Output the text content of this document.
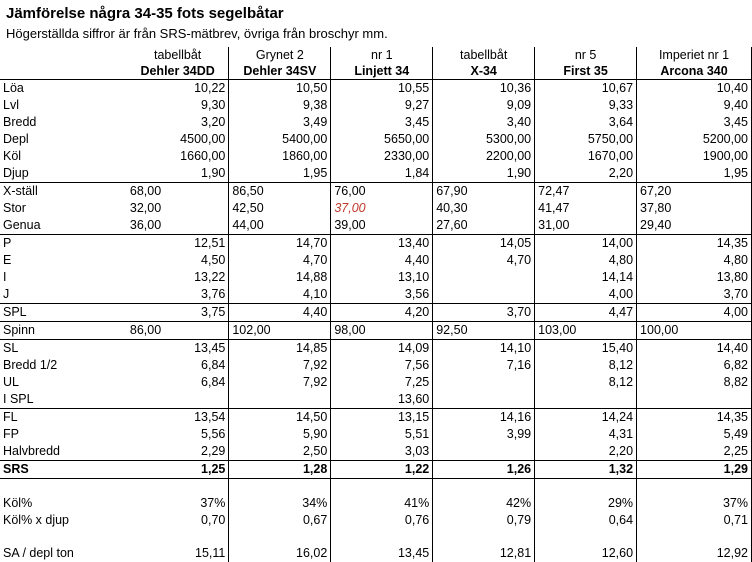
Jämförelse några 34-35 fots segelbåtar
Högerställda siffror är från SRS-mätbrev, övriga från broschyr mm.
	tabellbåt	Grynet 2	nr 1	tabellbåt	nr 5	Imperiet nr 1
	Dehler 34DD	Dehler 34SV	Linjett 34	X-34	First 35	Arcona 340
Löa	10,22	10,50	10,55	10,36	10,67	10,40
Lvl	9,30	9,38	9,27	9,09	9,33	9,40
Bredd	3,20	3,49	3,45	3,40	3,64	3,45
Depl	4500,00	5400,00	5650,00	5300,00	5750,00	5200,00
Köl	1660,00	1860,00	2330,00	2200,00	1670,00	1900,00
Djup	1,90	1,95	1,84	1,90	2,20	1,95
X-ställ	68,00	86,50	76,00	67,90	72,47	67,20
Stor	32,00	42,50	37,00	40,30	41,47	37,80
Genua	36,00	44,00	39,00	27,60	31,00	29,40
P	12,51	14,70	13,40	14,05	14,00	14,35
E	4,50	4,70	4,40	4,70	4,80	4,80
I	13,22	14,88	13,10		14,14	13,80
J	3,76	4,10	3,56		4,00	3,70
SPL	3,75	4,40	4,20	3,70	4,47	4,00
Spinn	86,00	102,00	98,00	92,50	103,00	100,00
SL	13,45	14,85	14,09	14,10	15,40	14,40
Bredd 1/2	6,84	7,92	7,56	7,16	8,12	6,82
UL	6,84	7,92	7,25		8,12	8,82
I SPL			13,60			
FL	13,54	14,50	13,15	14,16	14,24	14,35
FP	5,56	5,90	5,51	3,99	4,31	5,49
Halvbredd	2,29	2,50	3,03		2,20	2,25
SRS	1,25	1,28	1,22	1,26	1,32	1,29

Köl%	37%	34%	41%	42%	29%	37%
Köl% x djup	0,70	0,67	0,76	0,79	0,64	0,71

SA / depl ton	15,11	16,02	13,45	12,81	12,60	12,92
